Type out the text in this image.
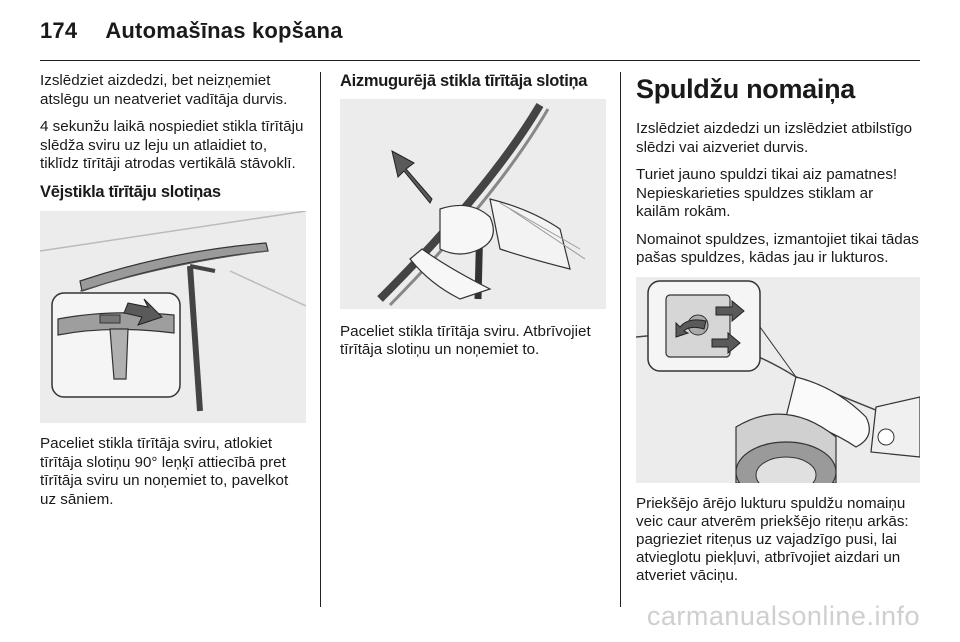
174 Automašīnas kopšana

Izslēdziet aizdedzi, bet neizņemiet atslēgu un neatveriet vadītāja durvis.

4 sekunžu laikā nospiediet stikla tīrītāju slēdža sviru uz leju un atlaidiet to, tiklīdz tīrītāji atrodas vertikālā stāvoklī.

Vējstikla tīrītāju slotiņas

Paceliet stikla tīrītāja sviru, atlokiet tīrītāja slotiņu 90° leņķī attiecībā pret tīrītāja sviru un noņemiet to, pavelkot uz sāniem.

Aizmugurējā stikla tīrītāja slotiņa

Paceliet stikla tīrītāja sviru. Atbrīvojiet tīrītāja slotiņu un noņemiet to.

Spuldžu nomaiņa

Izslēdziet aizdedzi un izslēdziet atbilstīgo slēdzi vai aizveriet durvis.

Turiet jauno spuldzi tikai aiz pamatnes! Nepieskarieties spuldzes stiklam ar kailām rokām.

Nomainot spuldzes, izmantojiet tikai tādas pašas spuldzes, kādas jau ir lukturos.

Priekšējo ārējo lukturu spuldžu nomaiņu veic caur atverēm priekšējo riteņu arkās: pagrieziet riteņus uz vajadzīgo pusi, lai atvieglotu piekļuvi, atbrīvojiet aizdari un atveriet vāciņu.

carmanualsonline.info
